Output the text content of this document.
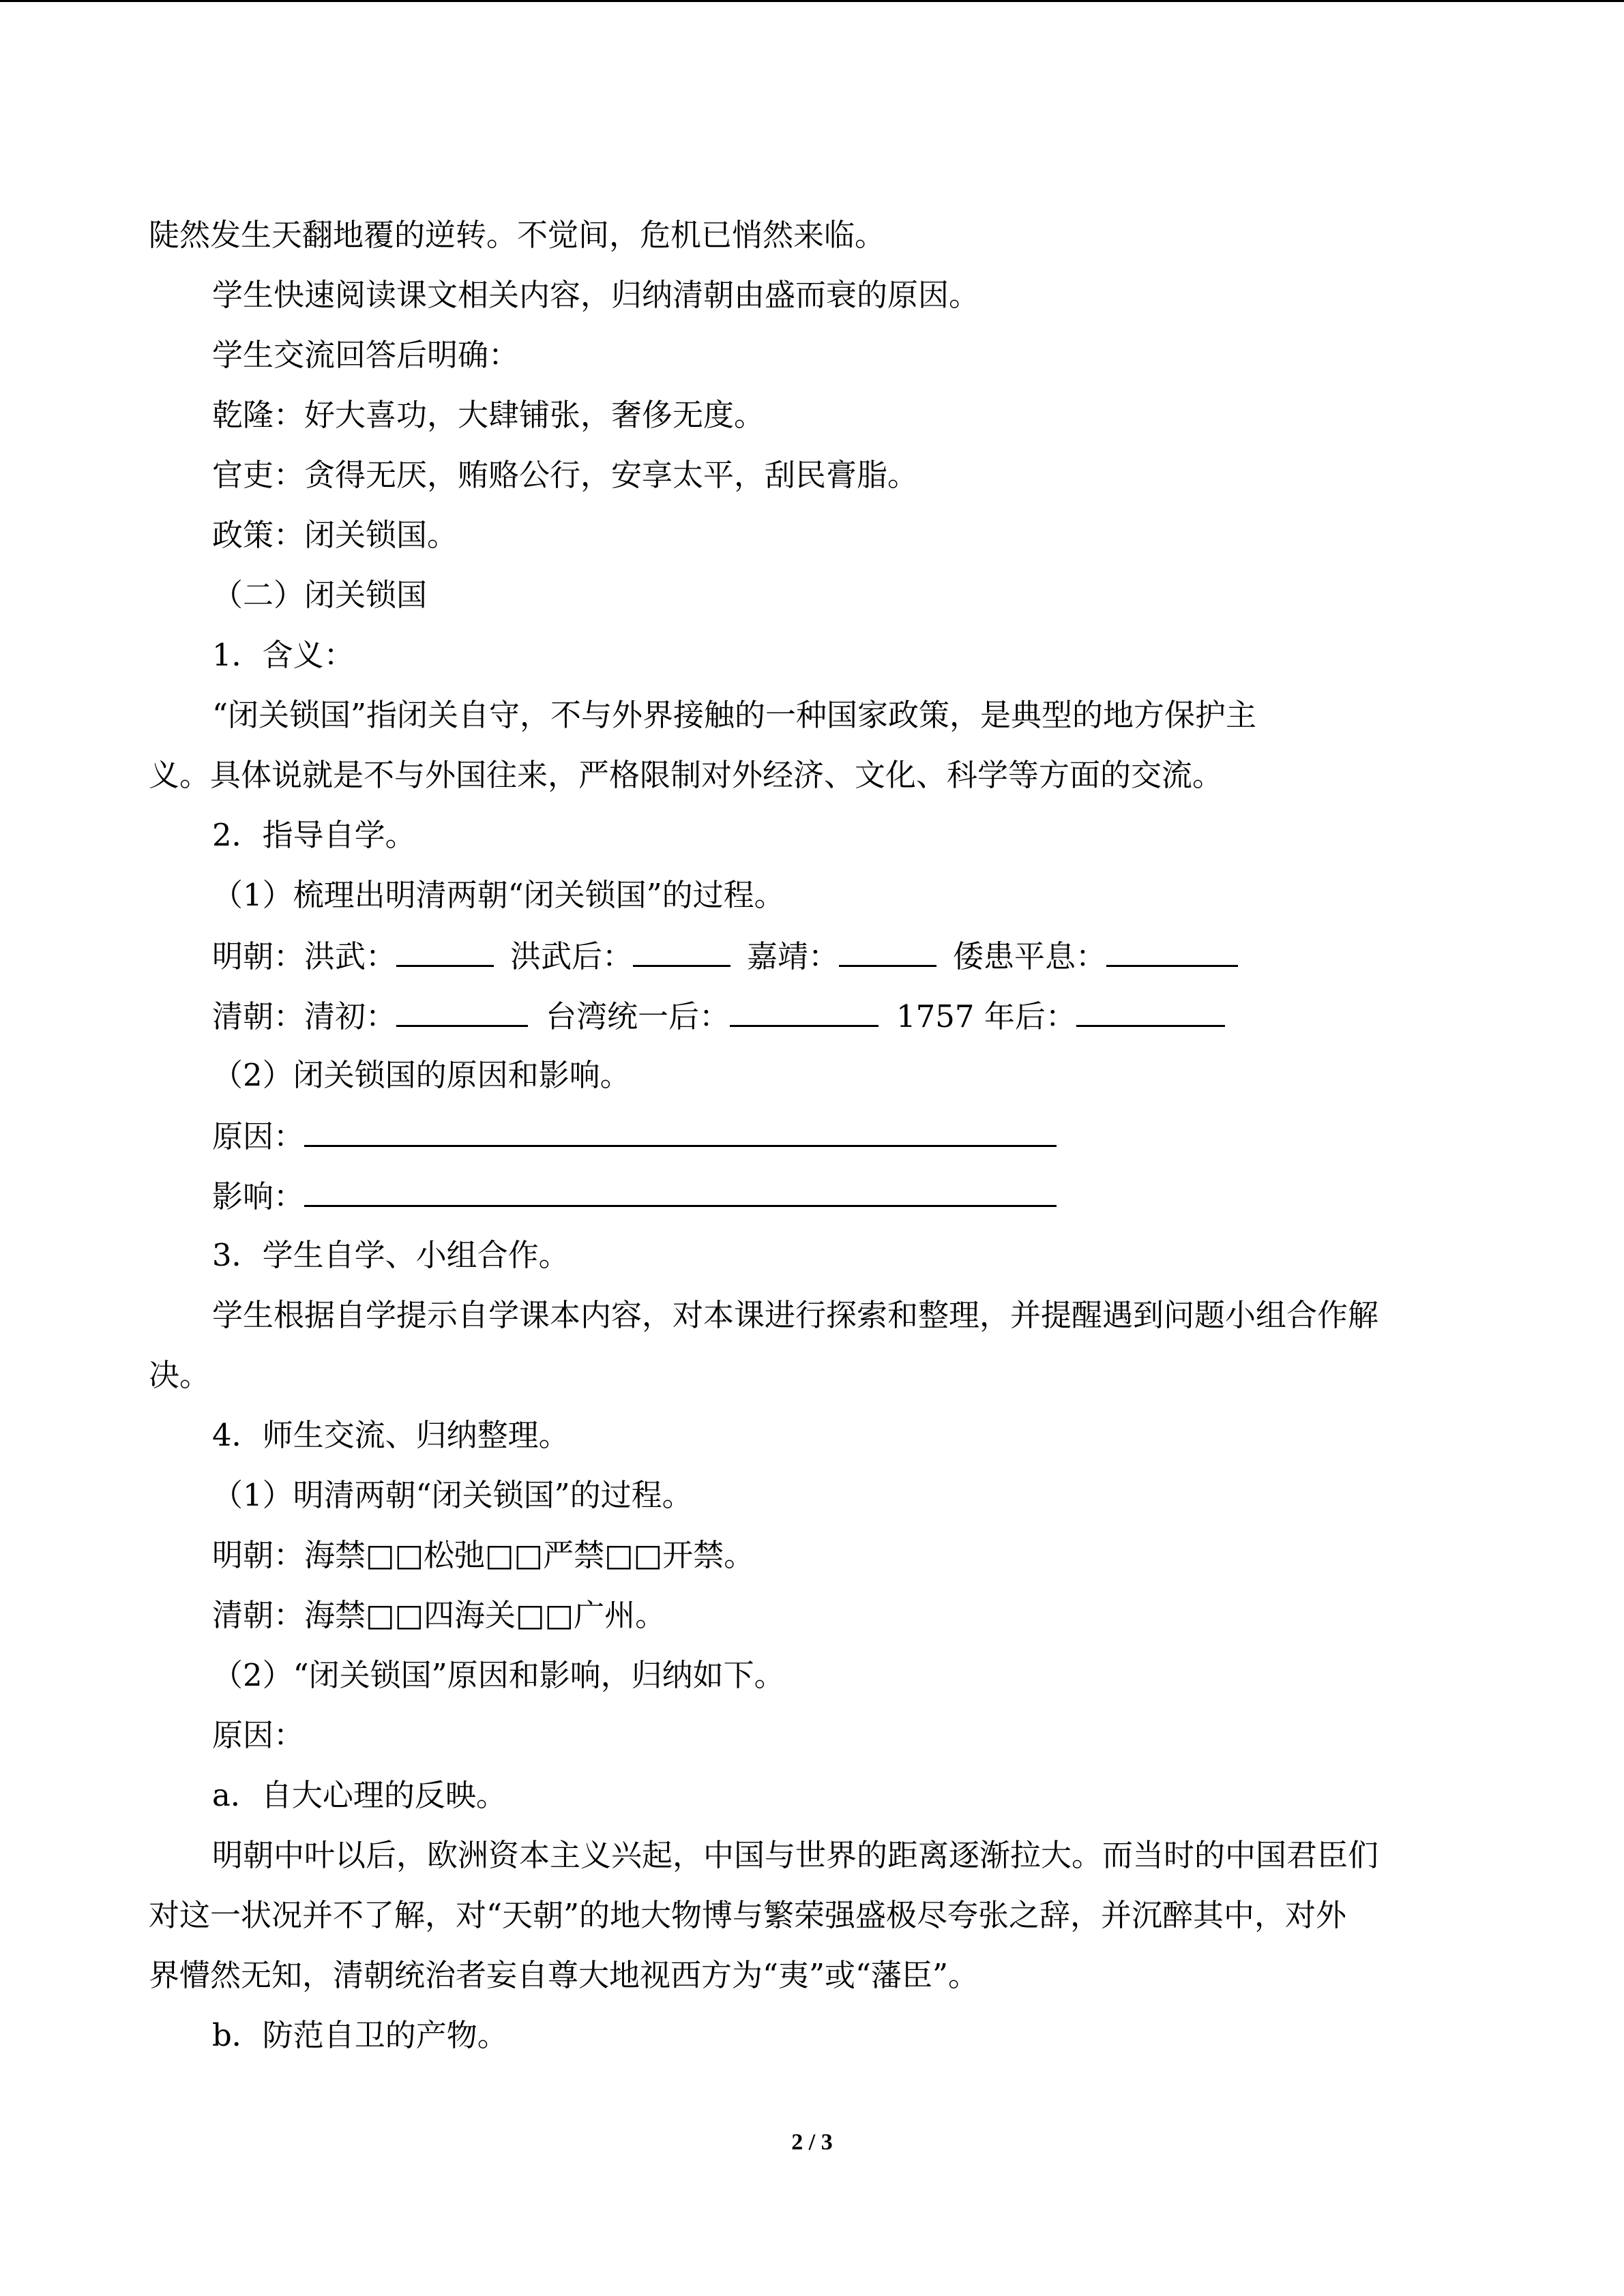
陡然发生天翻地覆的逆转。不觉间，危机已悄然来临。
学生快速阅读课文相关内容，归纳清朝由盛而衰的原因。
学生交流回答后明确：
乾隆：好大喜功，大肆铺张，奢侈无度。
官吏：贪得无厌，贿赂公行，安享太平，刮民膏脂。
政策：闭关锁国。
（二）闭关锁国
1．含义：
“闭关锁国”指闭关自守，不与外界接触的一种国家政策，是典型的地方保护主
义。具体说就是不与外国往来，严格限制对外经济、文化、科学等方面的交流。
2．指导自学。
（1）梳理出明清两朝“闭关锁国”的过程。
明朝：洪武：	洪武后：	嘉靖：	倭患平息：
清朝：清初：	台湾统一后：	1757 年后：
（2）闭关锁国的原因和影响。
原因：
影响：
3．学生自学、小组合作。
学生根据自学提示自学课本内容，对本课进行探索和整理，并提醒遇到问题小组合作解
决。
4．师生交流、归纳整理。
（1）明清两朝“闭关锁国”的过程。
明朝：海禁□□松弛□□严禁□□开禁。
清朝：海禁□□四海关□□广州。
（2）“闭关锁国”原因和影响，归纳如下。
原因：
a．自大心理的反映。
明朝中叶以后，欧洲资本主义兴起，中国与世界的距离逐渐拉大。而当时的中国君臣们
对这一状况并不了解，对“天朝”的地大物博与繁荣强盛极尽夸张之辞，并沉醉其中，对外
界懵然无知，清朝统治者妄自尊大地视西方为“夷”或“藩臣”。
b．防范自卫的产物。
2 / 3
